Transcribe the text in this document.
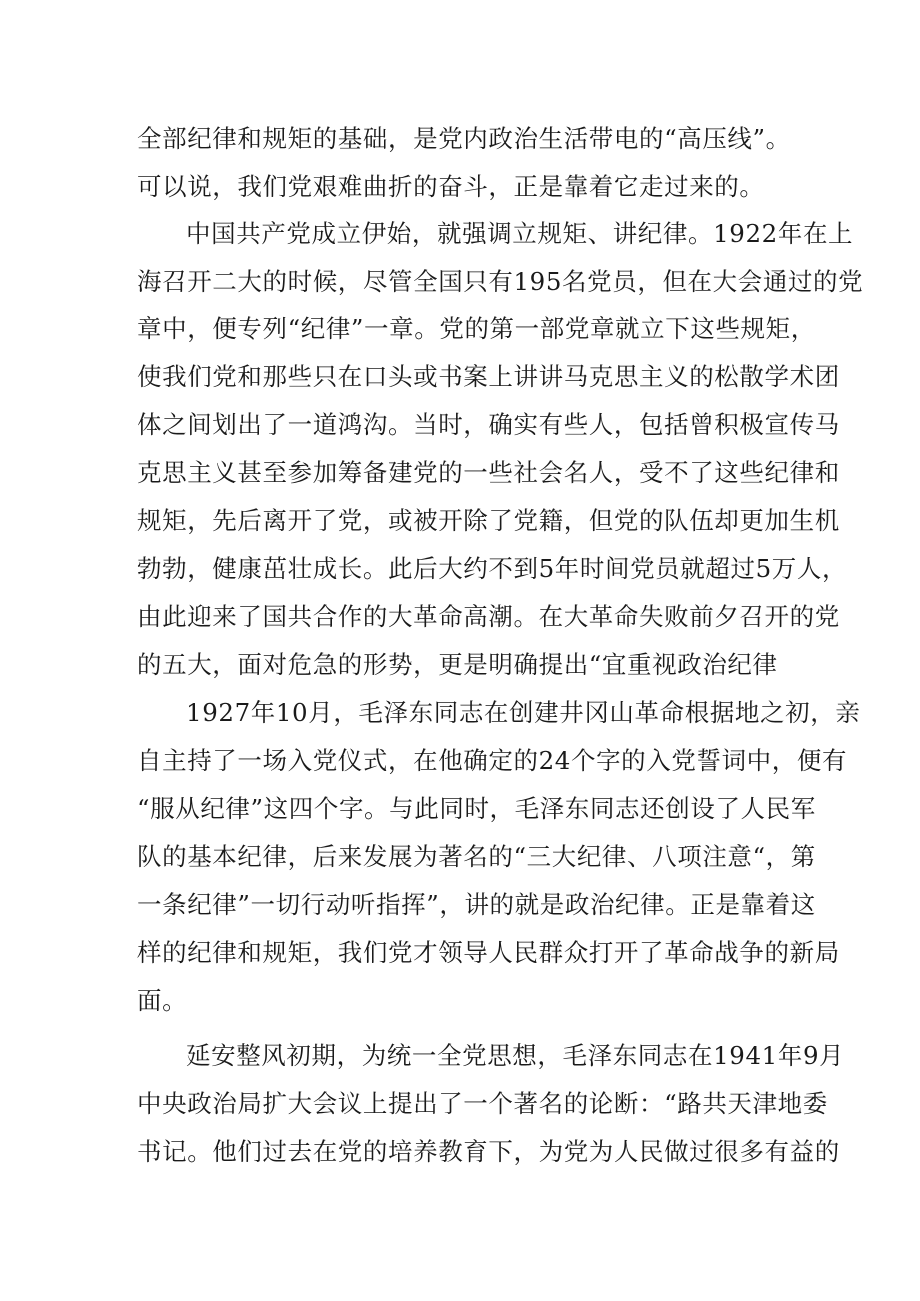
全部纪律和规矩的基础，是党内政治生活带电的“高压线”。
可以说，我们党艰难曲折的奋斗，正是靠着它走过来的。
中国共产党成立伊始，就强调立规矩、讲纪律。1922年在上
海召开二大的时候，尽管全国只有195名党员，但在大会通过的党
章中，便专列“纪律”一章。党的第一部党章就立下这些规矩，
使我们党和那些只在口头或书案上讲讲马克思主义的松散学术团
体之间划出了一道鸿沟。当时，确实有些人，包括曾积极宣传马
克思主义甚至参加筹备建党的一些社会名人，受不了这些纪律和
规矩，先后离开了党，或被开除了党籍，但党的队伍却更加生机
勃勃，健康茁壮成长。此后大约不到5年时间党员就超过5万人，
由此迎来了国共合作的大革命高潮。在大革命失败前夕召开的党
的五大，面对危急的形势，更是明确提出“宜重视政治纪律
1927年10月，毛泽东同志在创建井冈山革命根据地之初，亲
自主持了一场入党仪式，在他确定的24个字的入党誓词中，便有
“服从纪律”这四个字。与此同时，毛泽东同志还创设了人民军
队的基本纪律，后来发展为著名的“三大纪律、八项注意“，第
一条纪律”一切行动听指挥”，讲的就是政治纪律。正是靠着这
样的纪律和规矩，我们党才领导人民群众打开了革命战争的新局
面。
延安整风初期，为统一全党思想，毛泽东同志在1941年9月
中央政治局扩大会议上提出了一个著名的论断：“路共天津地委
书记。他们过去在党的培养教育下，为党为人民做过很多有益的
